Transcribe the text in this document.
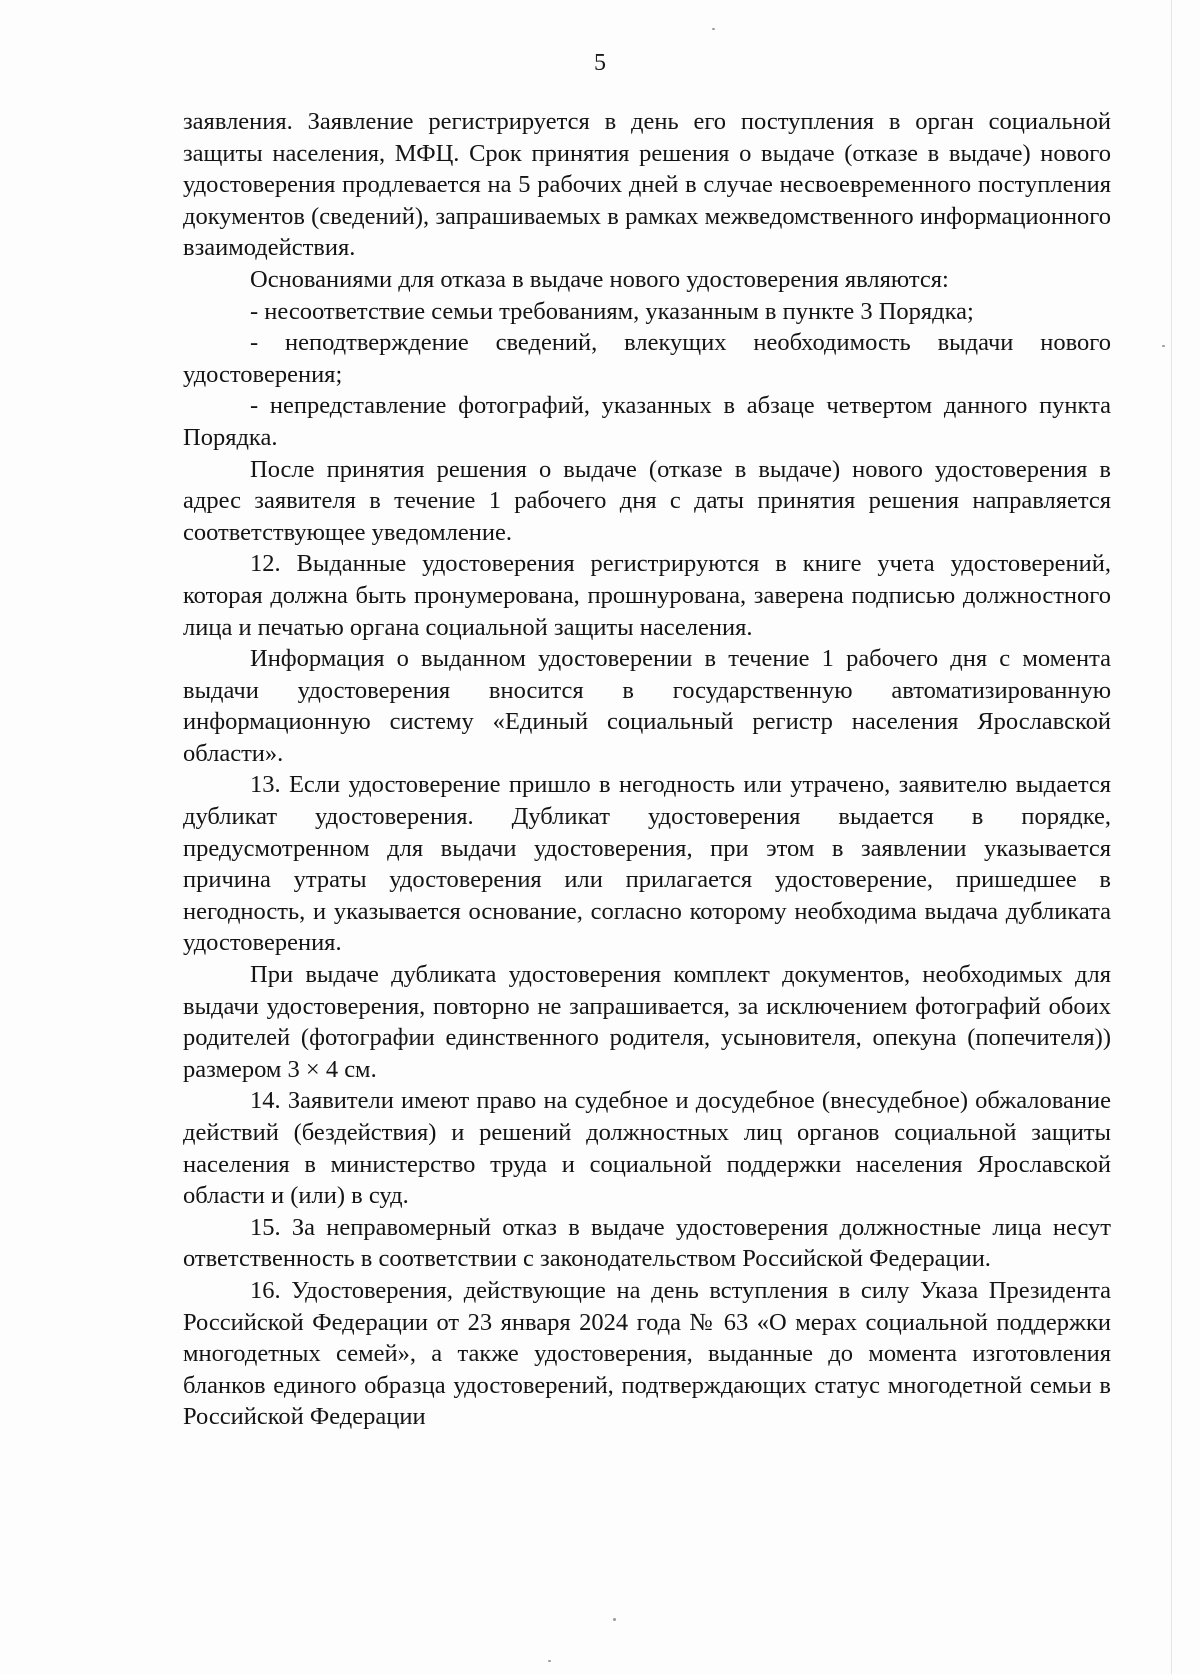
5

заявления. Заявление регистрируется в день его поступления в орган социальной защиты населения, МФЦ. Срок принятия решения о выдаче (отказе в выдаче) нового удостоверения продлевается на 5 рабочих дней в случае несвоевременного поступления документов (сведений), запрашиваемых в рамках межведомственного информационного взаимодействия.

Основаниями для отказа в выдаче нового удостоверения являются:

- несоответствие семьи требованиям, указанным в пункте 3 Порядка;

- неподтверждение сведений, влекущих необходимость выдачи нового удостоверения;

- непредставление фотографий, указанных в абзаце четвертом данного пункта Порядка.

После принятия решения о выдаче (отказе в выдаче) нового удостоверения в адрес заявителя в течение 1 рабочего дня с даты принятия решения направляется соответствующее уведомление.

12. Выданные удостоверения регистрируются в книге учета удостоверений, которая должна быть пронумерована, прошнурована, заверена подписью должностного лица и печатью органа социальной защиты населения.

Информация о выданном удостоверении в течение 1 рабочего дня с момента выдачи удостоверения вносится в государственную автоматизированную информационную систему «Единый социальный регистр населения Ярославской области».

13. Если удостоверение пришло в негодность или утрачено, заявителю выдается дубликат удостоверения. Дубликат удостоверения выдается в порядке, предусмотренном для выдачи удостоверения, при этом в заявлении указывается причина утраты удостоверения или прилагается удостоверение, пришедшее в негодность, и указывается основание, согласно которому необходима выдача дубликата удостоверения.

При выдаче дубликата удостоверения комплект документов, необходимых для выдачи удостоверения, повторно не запрашивается, за исключением фотографий обоих родителей (фотографии единственного родителя, усыновителя, опекуна (попечителя)) размером 3 × 4 см.

14. Заявители имеют право на судебное и досудебное (внесудебное) обжалование действий (бездействия) и решений должностных лиц органов социальной защиты населения в министерство труда и социальной поддержки населения Ярославской области и (или) в суд.

15. За неправомерный отказ в выдаче удостоверения должностные лица несут ответственность в соответствии с законодательством Российской Федерации.

16. Удостоверения, действующие на день вступления в силу Указа Президента Российской Федерации от 23 января 2024 года № 63 «О мерах социальной поддержки многодетных семей», а также удостоверения, выданные до момента изготовления бланков единого образца удостоверений, подтверждающих статус многодетной семьи в Российской Федерации
